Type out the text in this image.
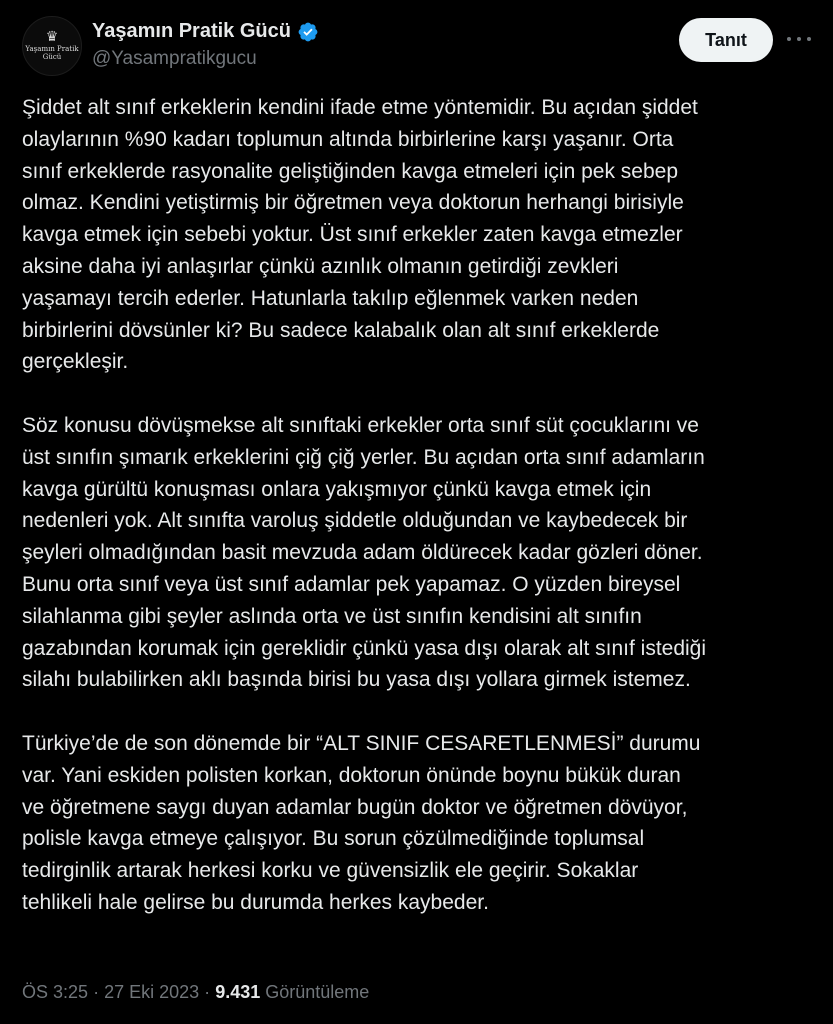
♛
Yaşamın Pratik Gücü
Yaşamın Pratik Gücü
@Yasampratikgucu
Tanıt
Şiddet alt sınıf erkeklerin kendini ifade etme yöntemidir. Bu açıdan şiddet
olaylarının %90 kadarı toplumun altında birbirlerine karşı yaşanır. Orta
sınıf erkeklerde rasyonalite geliştiğinden kavga etmeleri için pek sebep
olmaz. Kendini yetiştirmiş bir öğretmen veya doktorun herhangi birisiyle
kavga etmek için sebebi yoktur. Üst sınıf erkekler zaten kavga etmezler
aksine daha iyi anlaşırlar çünkü azınlık olmanın getirdiği zevkleri
yaşamayı tercih ederler. Hatunlarla takılıp eğlenmek varken neden
birbirlerini dövsünler ki? Bu sadece kalabalık olan alt sınıf erkeklerde
gerçekleşir.
Söz konusu dövüşmekse alt sınıftaki erkekler orta sınıf süt çocuklarını ve
üst sınıfın şımarık erkeklerini çiğ çiğ yerler. Bu açıdan orta sınıf adamların
kavga gürültü konuşması onlara yakışmıyor çünkü kavga etmek için
nedenleri yok. Alt sınıfta varoluş şiddetle olduğundan ve kaybedecek bir
şeyleri olmadığından basit mevzuda adam öldürecek kadar gözleri döner.
Bunu orta sınıf veya üst sınıf adamlar pek yapamaz. O yüzden bireysel
silahlanma gibi şeyler aslında orta ve üst sınıfın kendisini alt sınıfın
gazabından korumak için gereklidir çünkü yasa dışı olarak alt sınıf istediği
silahı bulabilirken aklı başında birisi bu yasa dışı yollara girmek istemez.
Türkiye’de de son dönemde bir “ALT SINIF CESARETLENMESİ” durumu
var. Yani eskiden polisten korkan, doktorun önünde boynu bükük duran
ve öğretmene saygı duyan adamlar bugün doktor ve öğretmen dövüyor,
polisle kavga etmeye çalışıyor. Bu sorun çözülmediğinde toplumsal
tedirginlik artarak herkesi korku ve güvensizlik ele geçirir. Sokaklar
tehlikeli hale gelirse bu durumda herkes kaybeder.
ÖS 3:25 · 27 Eki 2023 · 9.431 Görüntüleme
